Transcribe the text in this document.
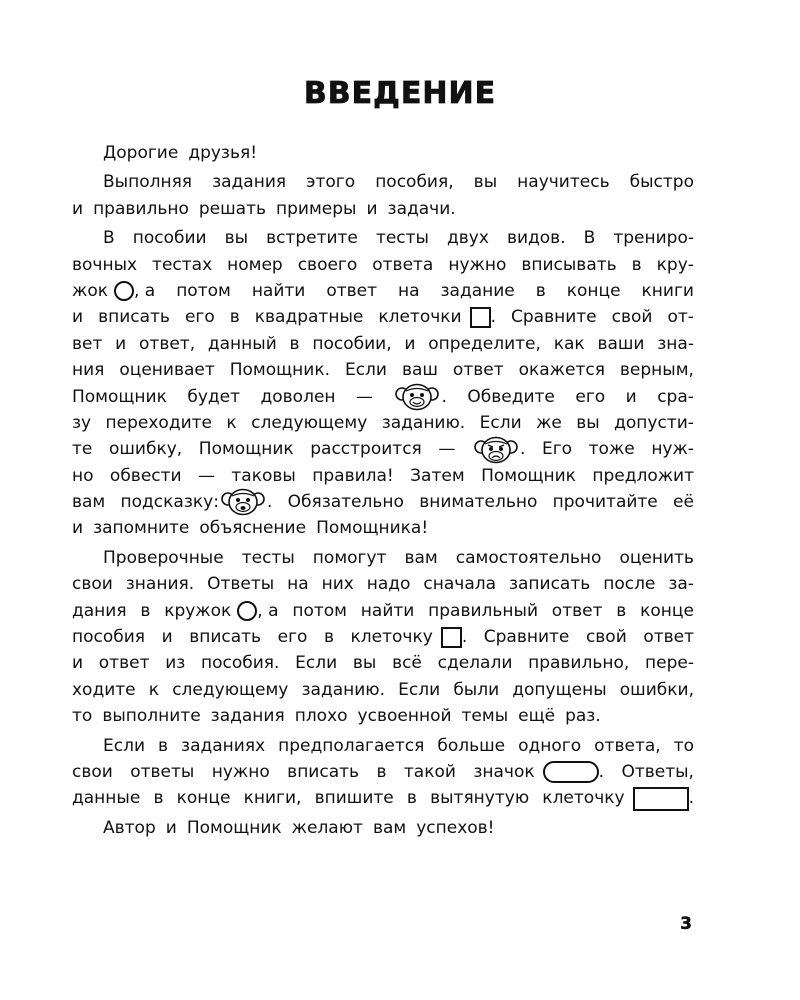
ВВЕДЕНИЕ
Дорогие друзья!
Выполняя задания этого пособия, вы научитесь быстро
и правильно решать примеры и задачи.
В пособии вы встретите тесты двух видов. В трениро-
вочных тестах номер своего ответа нужно вписывать в кру-
жок , а потом найти ответ на задание в конце книги
и вписать его в квадратные клеточки . Сравните свой от-
вет и ответ, данный в пособии, и определите, как ваши зна-
ния оценивает Помощник. Если ваш ответ окажется верным,
Помощник будет доволен —	. Обведите его и сра-
зу переходите к следующему заданию. Если же вы допусти-
те ошибку, Помощник расстроится —	. Его тоже нуж-
но обвести — таковы правила! Затем Помощник предложит
вам подсказку:	. Обязательно внимательно прочитайте её
и запомните объяснение Помощника!
Проверочные тесты помогут вам самостоятельно оценить
свои знания. Ответы на них надо сначала записать после за-
дания в кружок , а потом найти правильный ответ в конце
пособия и вписать его в клеточку . Сравните свой ответ
и ответ из пособия. Если вы всё сделали правильно, пере-
ходите к следующему заданию. Если были допущены ошибки,
то выполните задания плохо усвоенной темы ещё раз.
Если в заданиях предполагается больше одного ответа, то
свои ответы нужно вписать в такой значок	. Ответы,
данные в конце книги, впишите в вытянутую клеточку	.
Автор и Помощник желают вам успехов!
3
